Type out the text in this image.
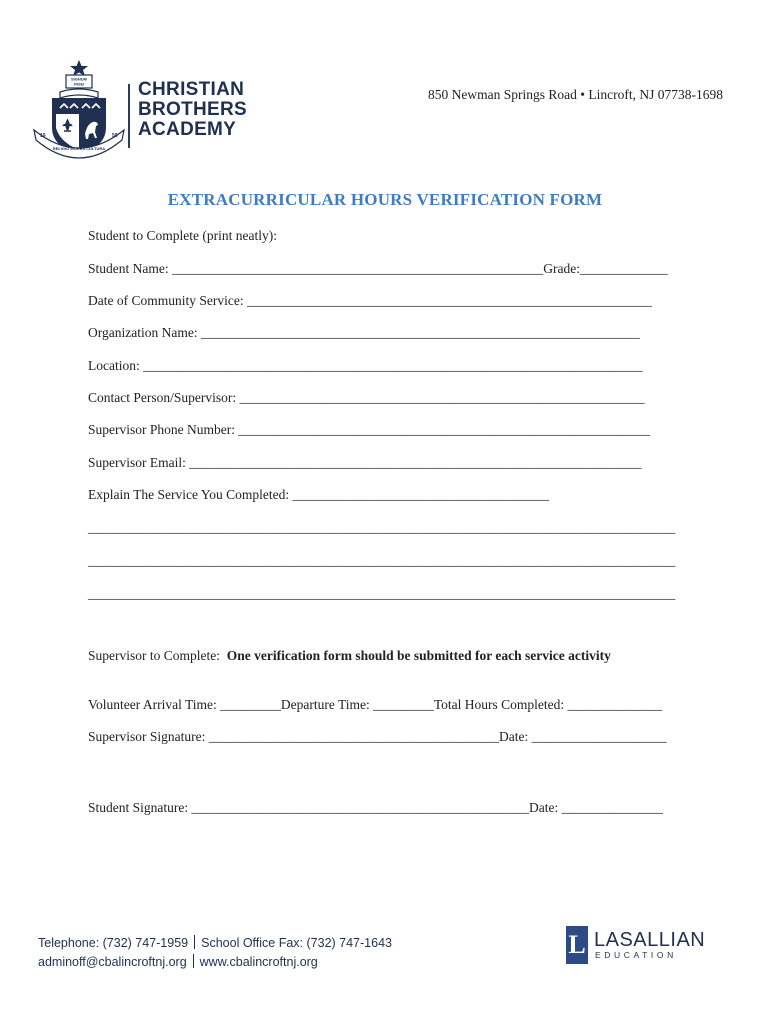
SIGNUM
FIDEI
19	59
RELIGIO MORES CULTURA
CHRISTIAN
BROTHERS
ACADEMY
850 Newman Springs Road • Lincroft, NJ 07738-1698
EXTRACURRICULAR HOURS VERIFICATION FORM
Student to Complete (print neatly):
Student Name: _______________________________________________________Grade:_____________
Date of Community Service: ____________________________________________________________
Organization Name: _________________________________________________________________
Location: __________________________________________________________________________
Contact Person/Supervisor: ____________________________________________________________
Supervisor Phone Number: _____________________________________________________________
Supervisor Email: ___________________________________________________________________
Explain The Service You Completed: ______________________________________
_______________________________________________________________________________________
_______________________________________________________________________________________
_______________________________________________________________________________________
Supervisor to Complete: One verification form should be submitted for each service activity
Volunteer Arrival Time: _________Departure Time: _________Total Hours Completed: ______________
Supervisor Signature: ___________________________________________Date: ____________________
Student Signature: __________________________________________________Date: _______________
Telephone: (732) 747-1959 School Office Fax: (732) 747-1643
adminoff@cbalincroftnj.org www.cbalincroftnj.org
L LASALLIAN
EDUCATION
